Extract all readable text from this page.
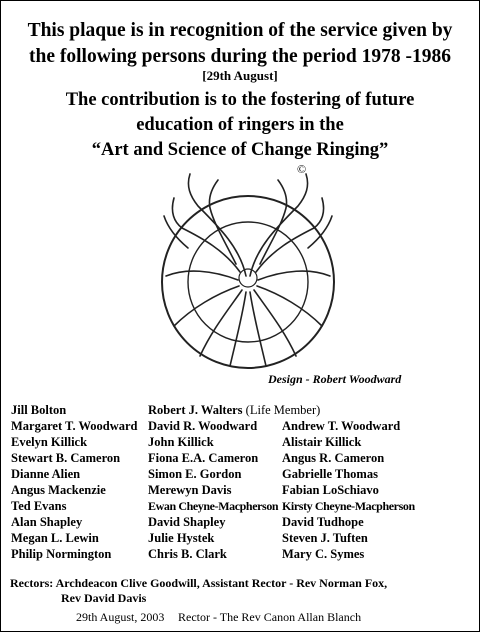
This plaque is in recognition of the service given by
the following persons during the period 1978 -1986
[29th August]
The contribution is to the fostering of future
education of ringers in the
“Art and Science of Change Ringing”
©
Design - Robert Woodward
Jill Bolton
Margaret T. Woodward
Evelyn Killick
Stewart B. Cameron
Dianne Alien
Angus Mackenzie
Ted Evans
Alan Shapley
Megan L. Lewin
Philip Normington
Robert J. Walters (Life Member)
David R. Woodward
John Killick
Fiona E.A. Cameron
Simon E. Gordon
Merewyn Davis
Ewan Cheyne-Macpherson
David Shapley
Julie Hystek
Chris B. Clark
Andrew T. Woodward
Alistair Killick
Angus R. Cameron
Gabrielle Thomas
Fabian LoSchiavo
Kirsty Cheyne-Macpherson
David Tudhope
Steven J. Tuften
Mary C. Symes
Rectors: Archdeacon Clive Goodwill, Assistant Rector - Rev Norman Fox,
Rev David Davis
29th August, 2003 Rector - The Rev Canon Allan Blanch
